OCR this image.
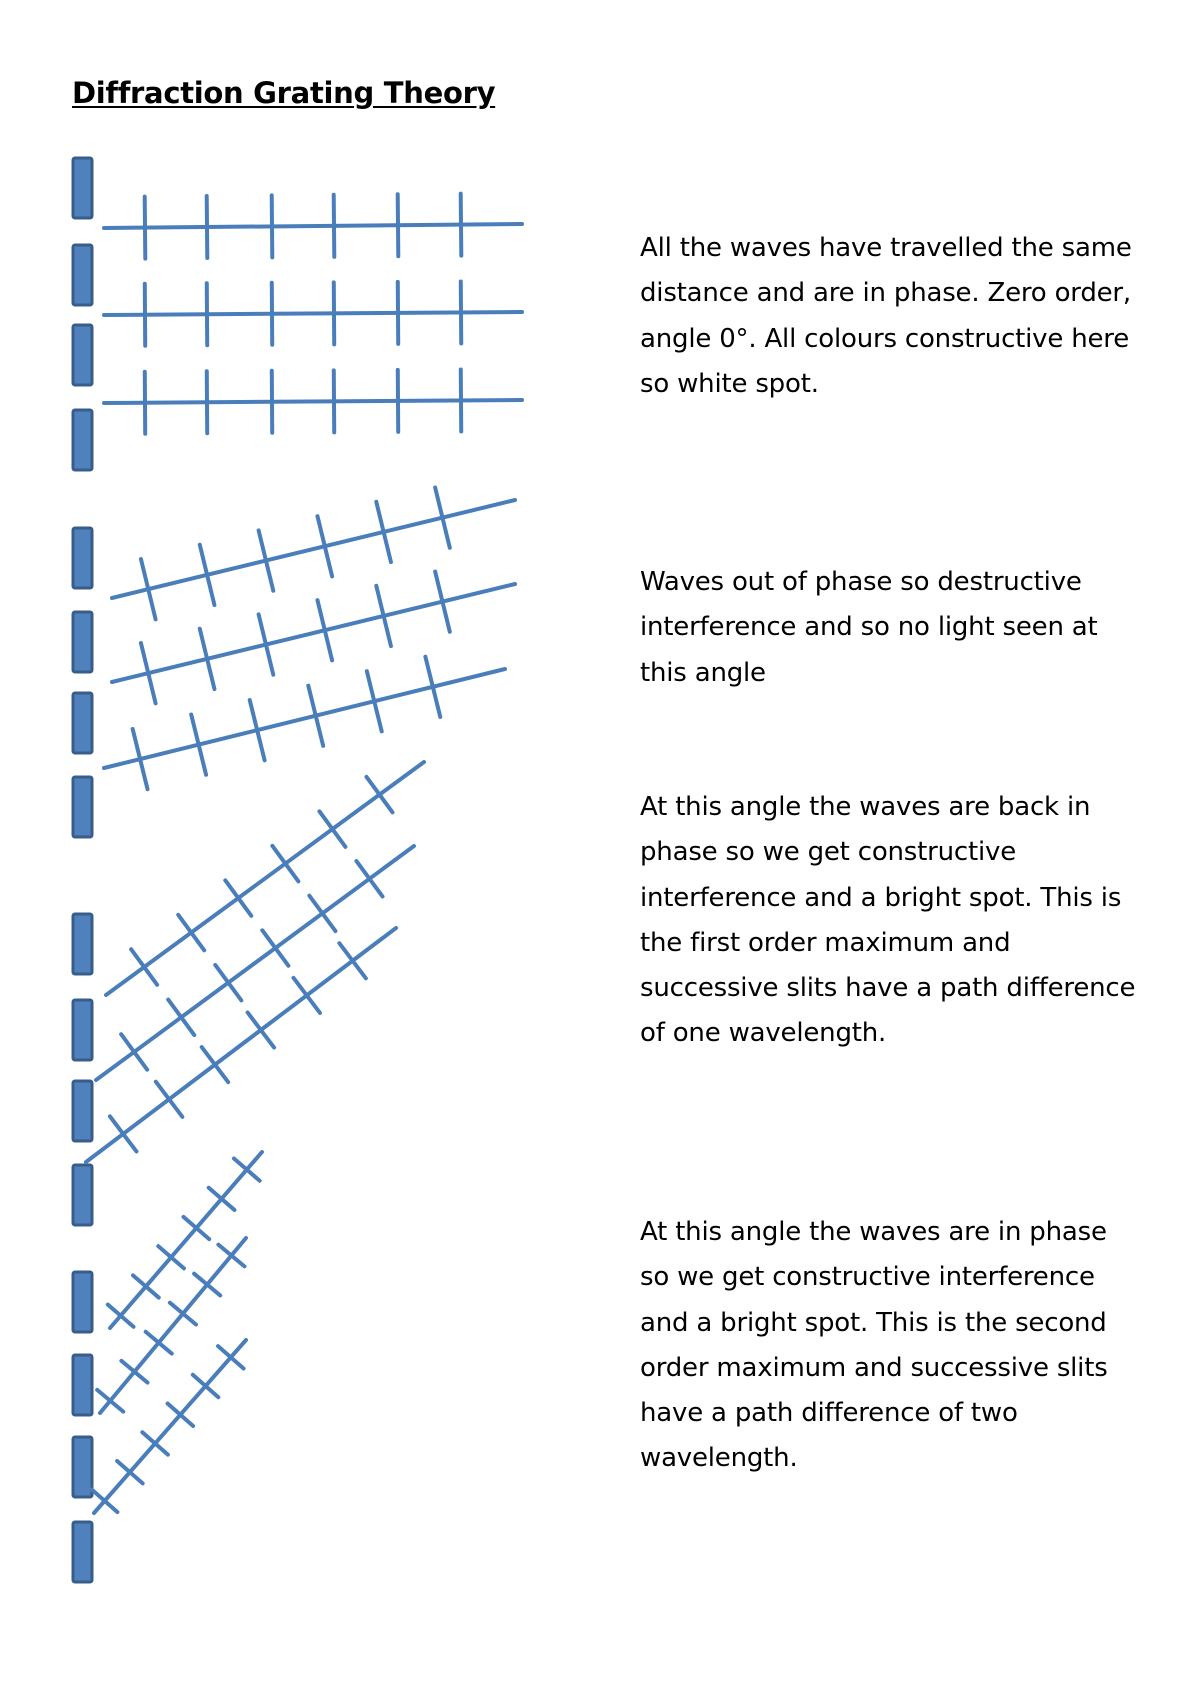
Diffraction Grating Theory

All the waves have travelled the same distance and are in phase. Zero order, angle 0°. All colours constructive here so white spot.

Waves out of phase so destructive interference and so no light seen at this angle

At this angle the waves are back in phase so we get constructive interference and a bright spot. This is the first order maximum and successive slits have a path difference of one wavelength.

At this angle the waves are in phase so we get constructive interference and a bright spot. This is the second order maximum and successive slits have a path difference of two wavelength.
